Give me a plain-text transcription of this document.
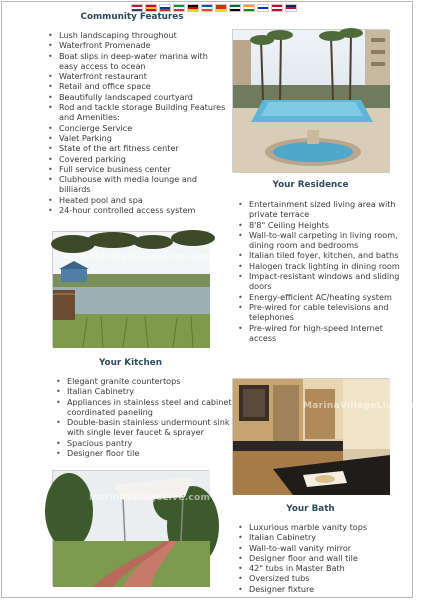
Community Features
• Lush landscaping throughout
• Waterfront Promenade
• Boat slips in deep-water marina with easy access to ocean
• Waterfront restaurant
• Retail and office space
• Beautifully landscaped courtyard
• Rod and tackle storage Building Features and Amenities:
• Concierge Service
• Valet Parking
• State of the art fitness center
• Covered parking
• Full service business center
• Clubhouse with media lounge and billiards
• Heated pool and spa
• 24-hour controlled access system
Your Residence
• Entertainment sized living area with private terrace
• 8'8" Ceiling Heights
• Wall-to-wall carpeting in living room, dining room and bedrooms
• Italian tiled foyer, kitchen, and baths
• Halogen track lighting in dining room
• Impact-resistant windows and sliding doors
• Energy-efficient AC/heating system
• Pre-wired for cable televisions and telephones
• Pre-wired for high-speed Internet access
www.MarinaVillageLive.com
Your Kitchen
• Elegant granite countertops
• Italian Cabinetry
• Appliances in stainless steel and cabinet coordinated paneling
• Double-basin stainless undermount sink with single lever faucet & sprayer
• Spacious pantry
• Designer floor tile
MarinaVillageLive.com
MarinaVillageLive.com
Your Bath
• Luxurious marble vanity tops
• Italian Cabinetry
• Wall-to-wall vanity mirror
• Designer floor and wall tile
• 42" tubs in Master Bath
• Oversized tubs
• Designer fixture
